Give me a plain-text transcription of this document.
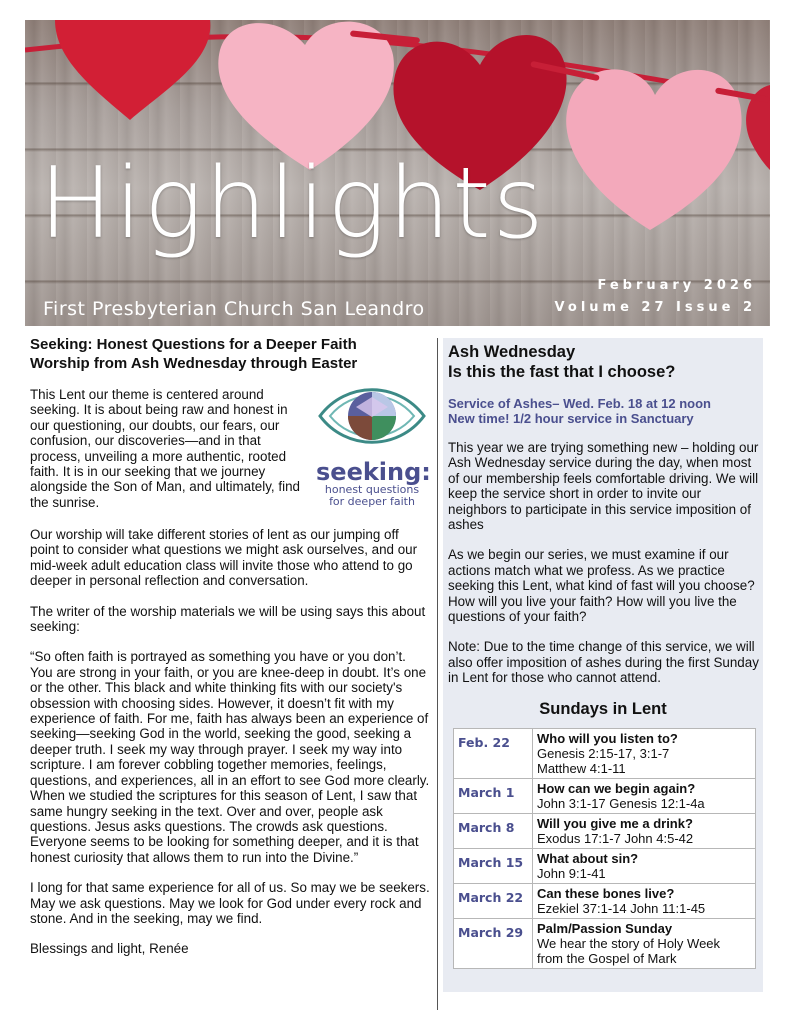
Highlights
February 2026
Volume 27 Issue 2
First Presbyterian Church San Leandro
Seeking: Honest Questions for a Deeper Faith
Worship from Ash Wednesday through Easter

This Lent our theme is centered around seeking. It is about being raw and honest in our questioning, our doubts, our fears, our confusion, our discoveries—and in that process, unveiling a more authentic, rooted faith. It is in our seeking that we journey alongside the Son of Man, and ultimately, find the sunrise.

seeking:
honest questions
for deeper faith

Our worship will take different stories of lent as our jumping off point to consider what questions we might ask ourselves, and our mid-week adult education class will invite those who attend to go deeper in personal reflection and conversation.

The writer of the worship materials we will be using says this about seeking:

“So often faith is portrayed as something you have or you don’t. You are strong in your faith, or you are knee-deep in doubt. It’s one or the other. This black and white thinking fits with our society's obsession with choosing sides. However, it doesn’t fit with my experience of faith. For me, faith has always been an experience of seeking—seeking God in the world, seeking the good, seeking a deeper truth. I seek my way through prayer. I seek my way into scripture. I am forever cobbling together memories, feelings, questions, and experiences, all in an effort to see God more clearly. When we studied the scriptures for this season of Lent, I saw that same hungry seeking in the text. Over and over, people ask questions. Jesus asks questions. The crowds ask questions. Everyone seems to be looking for something deeper, and it is that honest curiosity that allows them to run into the Divine.”

I long for that same experience for all of us. So may we be seekers. May we ask questions. May we look for God under every rock and stone. And in the seeking, may we find.

Blessings and light, Renée

Ash Wednesday
Is this the fast that I choose?
Service of Ashes– Wed. Feb. 18 at 12 noon
New time! 1/2 hour service in Sanctuary

This year we are trying something new – holding our Ash Wednesday service during the day, when most of our membership feels comfortable driving. We will keep the service short in order to invite our neighbors to participate in this service imposition of ashes

As we begin our series, we must examine if our actions match what we profess. As we practice seeking this Lent, what kind of fast will you choose? How will you live your faith? How will you live the questions of your faith?

Note: Due to the time change of this service, we will also offer imposition of ashes during the first Sunday in Lent for those who cannot attend.

Sundays in Lent

Feb. 22	Who will you listen to?
Genesis 2:15-17, 3:1-7
Matthew 4:1-11

March 1	How can we begin again?
John 3:1-17 Genesis 12:1-4a

March 8	Will you give me a drink?
Exodus 17:1-7 John 4:5-42

March 15	What about sin?
John 9:1-41

March 22	Can these bones live?
Ezekiel 37:1-14 John 11:1-45

March 29	Palm/Passion Sunday
We hear the story of Holy Week
from the Gospel of Mark
